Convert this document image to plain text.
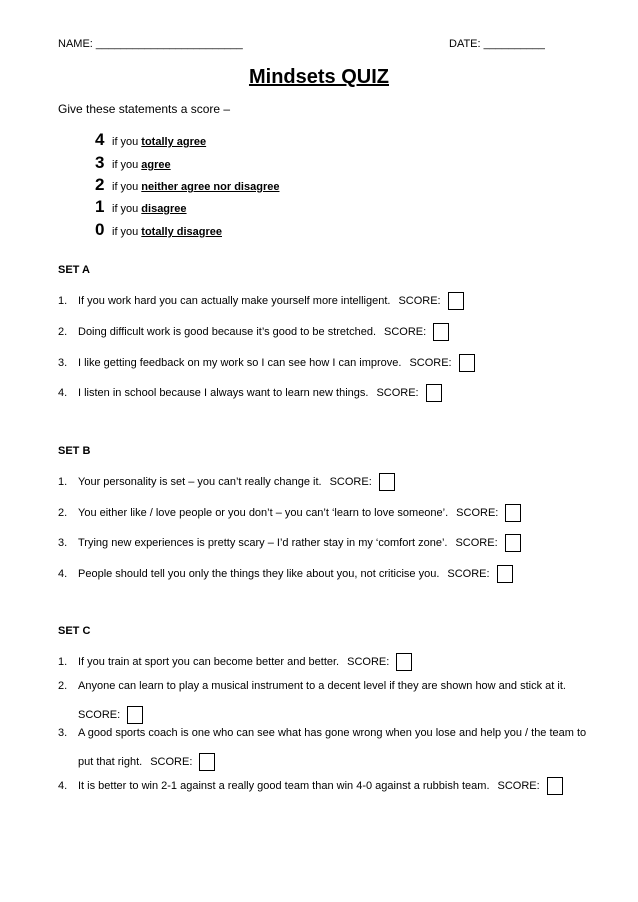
NAME: ________________________	DATE: __________
Mindsets QUIZ
Give these statements a score –
4 if you totally agree
3 if you agree
2 if you neither agree nor disagree
1 if you disagree
0 if you totally disagree
SET A
1. If you work hard you can actually make yourself more intelligent. SCORE:
2. Doing difficult work is good because it’s good to be stretched. SCORE:
3. I like getting feedback on my work so I can see how I can improve. SCORE:
4. I listen in school because I always want to learn new things. SCORE:
SET B
1. Your personality is set – you can’t really change it. SCORE:
2. You either like / love people or you don’t – you can’t ‘learn to love someone’. SCORE:
3. Trying new experiences is pretty scary – I’d rather stay in my ‘comfort zone’. SCORE:
4. People should tell you only the things they like about you, not criticise you. SCORE:
SET C
1. If you train at sport you can become better and better. SCORE:
2. Anyone can learn to play a musical instrument to a decent level if they are shown how and stick at it.
SCORE:
3. A good sports coach is one who can see what has gone wrong when you lose and help you / the team to
put that right. SCORE:
4. It is better to win 2-1 against a really good team than win 4-0 against a rubbish team. SCORE:
